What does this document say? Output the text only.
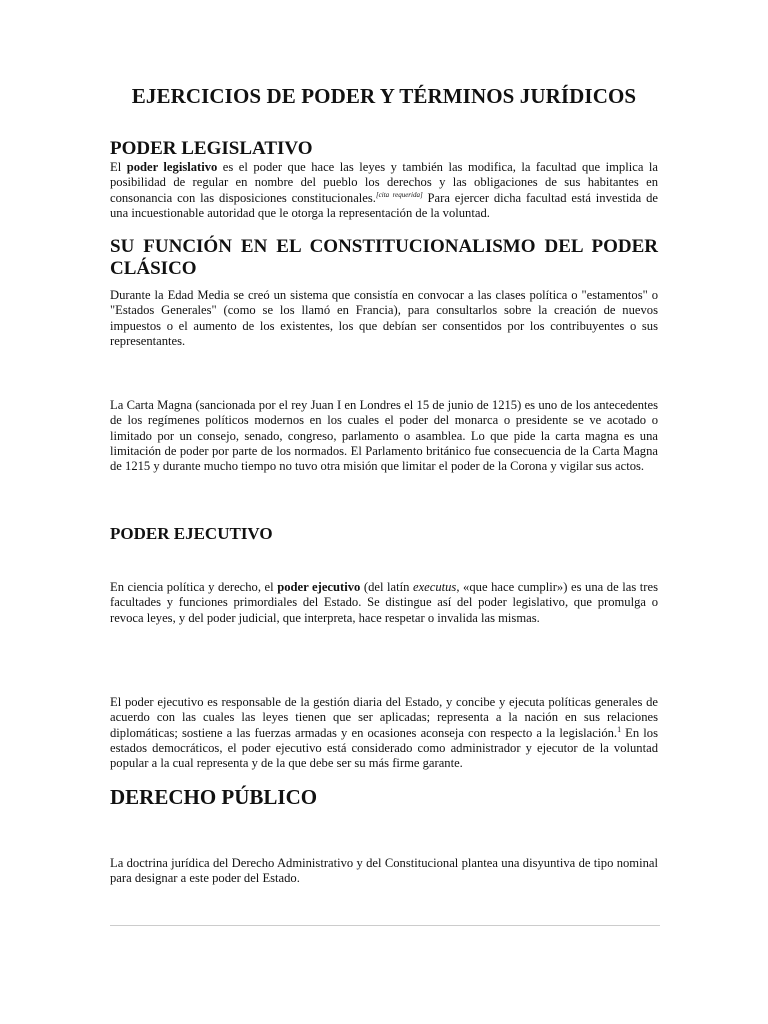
EJERCICIOS DE PODER Y TÉRMINOS JURÍDICOS
PODER LEGISLATIVO

El poder legislativo es el poder que hace las leyes y también las modifica, la facultad que implica la posibilidad de regular en nombre del pueblo los derechos y las obligaciones de sus habitantes en consonancia con las disposiciones constitucionales.[cita requerida] Para ejercer dicha facultad está investida de una incuestionable autoridad que le otorga la representación de la voluntad.

SU FUNCIÓN EN EL CONSTITUCIONALISMO DEL PODER CLÁSICO

Durante la Edad Media se creó un sistema que consistía en convocar a las clases política o "estamentos" o "Estados Generales" (como se los llamó en Francia), para consultarlos sobre la creación de nuevos impuestos o el aumento de los existentes, los que debían ser consentidos por los contribuyentes o sus representantes.

La Carta Magna (sancionada por el rey Juan I en Londres el 15 de junio de 1215) es uno de los antecedentes de los regímenes políticos modernos en los cuales el poder del monarca o presidente se ve acotado o limitado por un consejo, senado, congreso, parlamento o asamblea. Lo que pide la carta magna es una limitación de poder por parte de los normados. El Parlamento británico fue consecuencia de la Carta Magna de 1215 y durante mucho tiempo no tuvo otra misión que limitar el poder de la Corona y vigilar sus actos.

PODER EJECUTIVO

En ciencia política y derecho, el poder ejecutivo (del latín executus, «que hace cumplir») es una de las tres facultades y funciones primordiales del Estado. Se distingue así del poder legislativo, que promulga o revoca leyes, y del poder judicial, que interpreta, hace respetar o invalida las mismas.

El poder ejecutivo es responsable de la gestión diaria del Estado, y concibe y ejecuta políticas generales de acuerdo con las cuales las leyes tienen que ser aplicadas; representa a la nación en sus relaciones diplomáticas; sostiene a las fuerzas armadas y en ocasiones aconseja con respecto a la legislación.$^1$ En los estados democráticos, el poder ejecutivo está considerado como administrador y ejecutor de la voluntad popular a la cual representa y de la que debe ser su más firme garante.

DERECHO PÚBLICO

La doctrina jurídica del Derecho Administrativo y del Constitucional plantea una disyuntiva de tipo nominal para designar a este poder del Estado.
